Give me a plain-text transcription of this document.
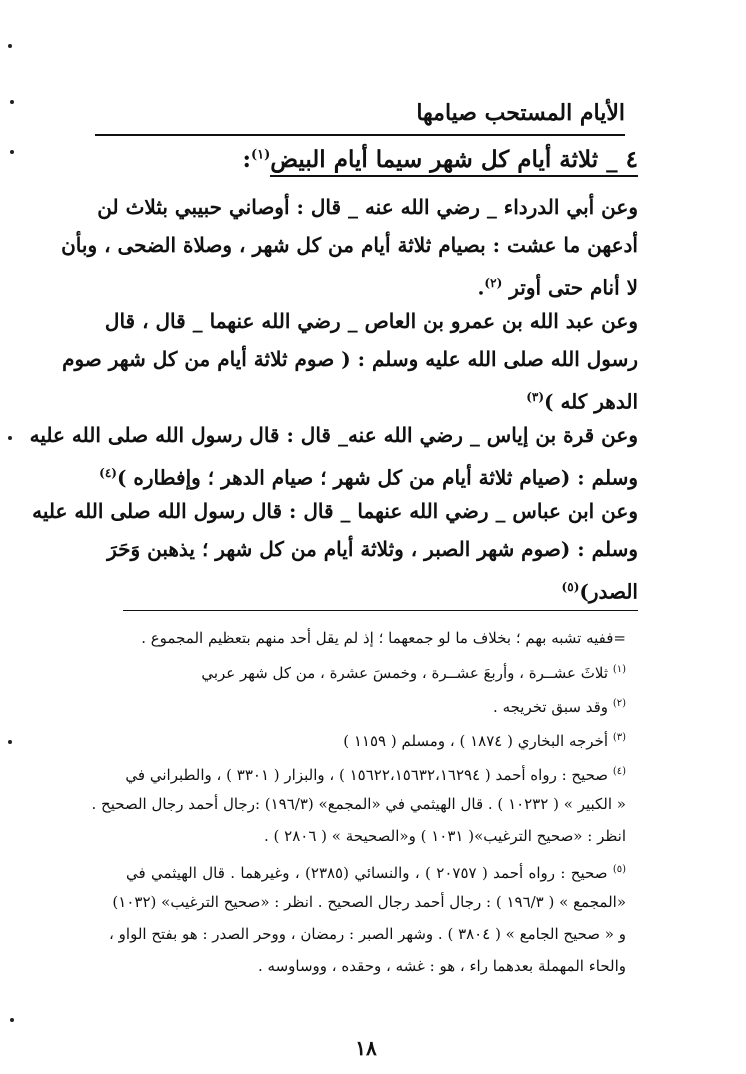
الأيام المستحب صيامها
٤ _ ثلاثة أيام كل شهر سيما أيام البيض$^{(١)}$:
وعن أبي الدرداء _ رضي الله عنه _ قال : أوصاني حبيبي بثلاث لن
أدعهن ما عشت : بصيام ثلاثة أيام من كل شهر ، وصلاة الضحى ، وبأن
لا أنام حتى أوتر $^{(٢)}$.
وعن عبد الله بن عمرو بن العاص _ رضي الله عنهما _ قال ، قال
رسول الله صلى الله عليه وسلم : ( صوم ثلاثة أيام من كل شهر صوم
الدهر كله )$^{(٣)}$
وعن قرة بن إياس _ رضي الله عنه_ قال : قال رسول الله صلى الله عليه
وسلم : (صيام ثلاثة أيام من كل شهر ؛ صيام الدهر ؛ وإفطاره )$^{(٤)}$
وعن ابن عباس _ رضي الله عنهما _ قال : قال رسول الله صلى الله عليه
وسلم : (صوم شهر الصبر ، وثلاثة أيام من كل شهر ؛ يذهبن وَحَرَ
الصدر)$^{(٥)}$
=ففيه تشبه بهم ؛ بخلاف ما لو جمعهما ؛ إذ لم يقل أحد منهم بتعظيم المجموع .
$^{(١)}$ ثلاثَ عشــرة ، وأربعَ عشــرة ، وخمسَ عشرة ، من كل شهر عربي
$^{(٢)}$ وقد سبق تخريجه .
$^{(٣)}$ أخرجه البخاري ( ١٨٧٤ ) ، ومسلم ( ١١٥٩ )
$^{(٤)}$ صحيح : رواه أحمد ( ١٥٦٢٢،١٥٦٣٢،١٦٢٩٤ ) ، والبزار ( ٣٣٠١ ) ، والطبراني في
« الكبير » ( ١٠٢٣٢ ) . قال الهيثمي في «المجمع» (١٩٦/٣) :رجال أحمد رجال الصحيح .
انظر : «صحيح الترغيب»( ١٠٣١ ) و«الصحيحة » ( ٢٨٠٦ ) .
$^{(٥)}$ صحيح : رواه أحمد ( ٢٠٧٥٧ ) ، والنسائي (٢٣٨٥) ، وغيرهما . قال الهيثمي في
«المجمع » ( ١٩٦/٣ ) : رجال أحمد رجال الصحيح . انظر : «صحيح الترغيب» (١٠٣٢)
و « صحيح الجامع » ( ٣٨٠٤ ) . وشهر الصبر : رمضان ، ووحر الصدر : هو بفتح الواو ،
والحاء المهملة بعدهما راء ، هو : غشه ، وحقده ، ووساوسه .
١٨
